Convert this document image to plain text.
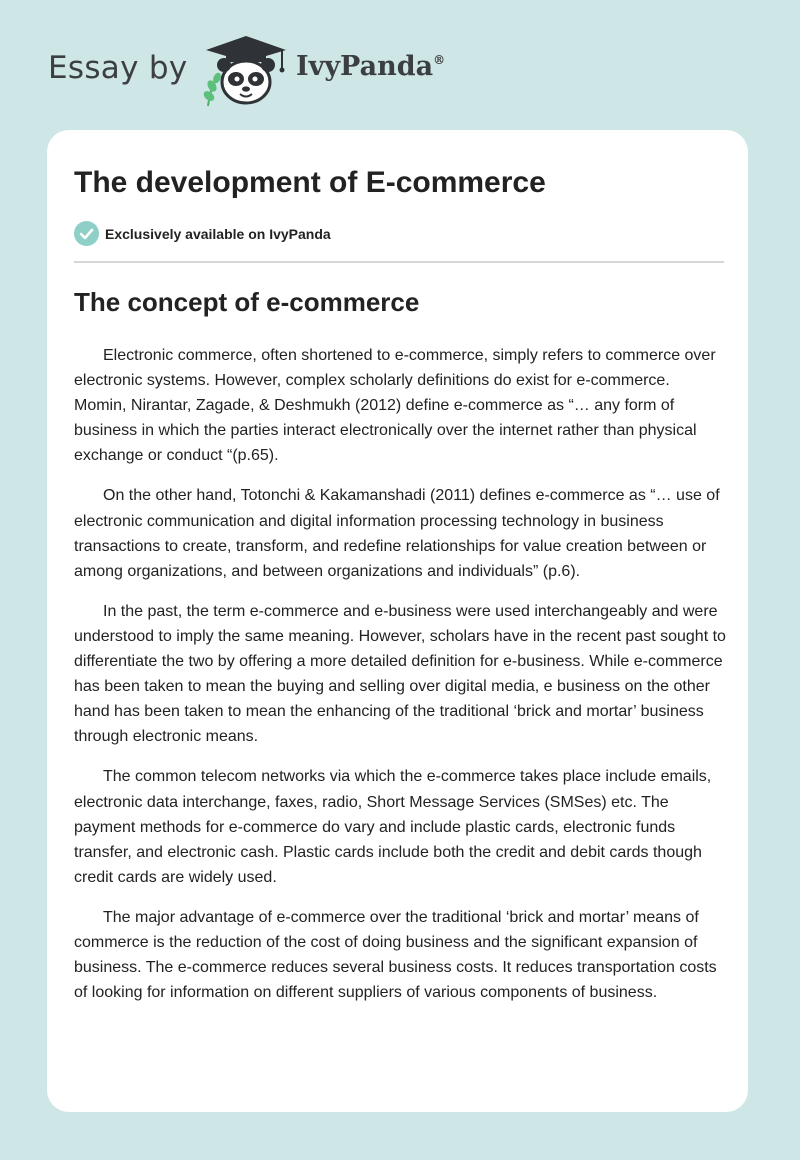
Essay by	IvyPanda®
The development of E-commerce
Exclusively available on IvyPanda
The concept of e-commerce

Electronic commerce, often shortened to e-commerce, simply refers to commerce over electronic systems. However, complex scholarly definitions do exist for e-commerce. Momin, Nirantar, Zagade, & Deshmukh (2012) define e-commerce as “… any form of business in which the parties interact electronically over the internet rather than physical exchange or conduct “(p.65).

On the other hand, Totonchi & Kakamanshadi (2011) defines e-commerce as “… use of electronic communication and digital information processing technology in business transactions to create, transform, and redefine relationships for value creation between or among organizations, and between organizations and individuals” (p.6).

In the past, the term e-commerce and e-business were used interchangeably and were understood to imply the same meaning. However, scholars have in the recent past sought to differentiate the two by offering a more detailed definition for e-business. While e-commerce has been taken to mean the buying and selling over digital media, e business on the other hand has been taken to mean the enhancing of the traditional ‘brick and mortar’ business through electronic means.

The common telecom networks via which the e-commerce takes place include emails, electronic data interchange, faxes, radio, Short Message Services (SMSes) etc. The payment methods for e-commerce do vary and include plastic cards, electronic funds transfer, and electronic cash. Plastic cards include both the credit and debit cards though credit cards are widely used.

The major advantage of e-commerce over the traditional ‘brick and mortar’ means of commerce is the reduction of the cost of doing business and the significant expansion of business. The e-commerce reduces several business costs. It reduces transportation costs of looking for information on different suppliers of various components of business.
